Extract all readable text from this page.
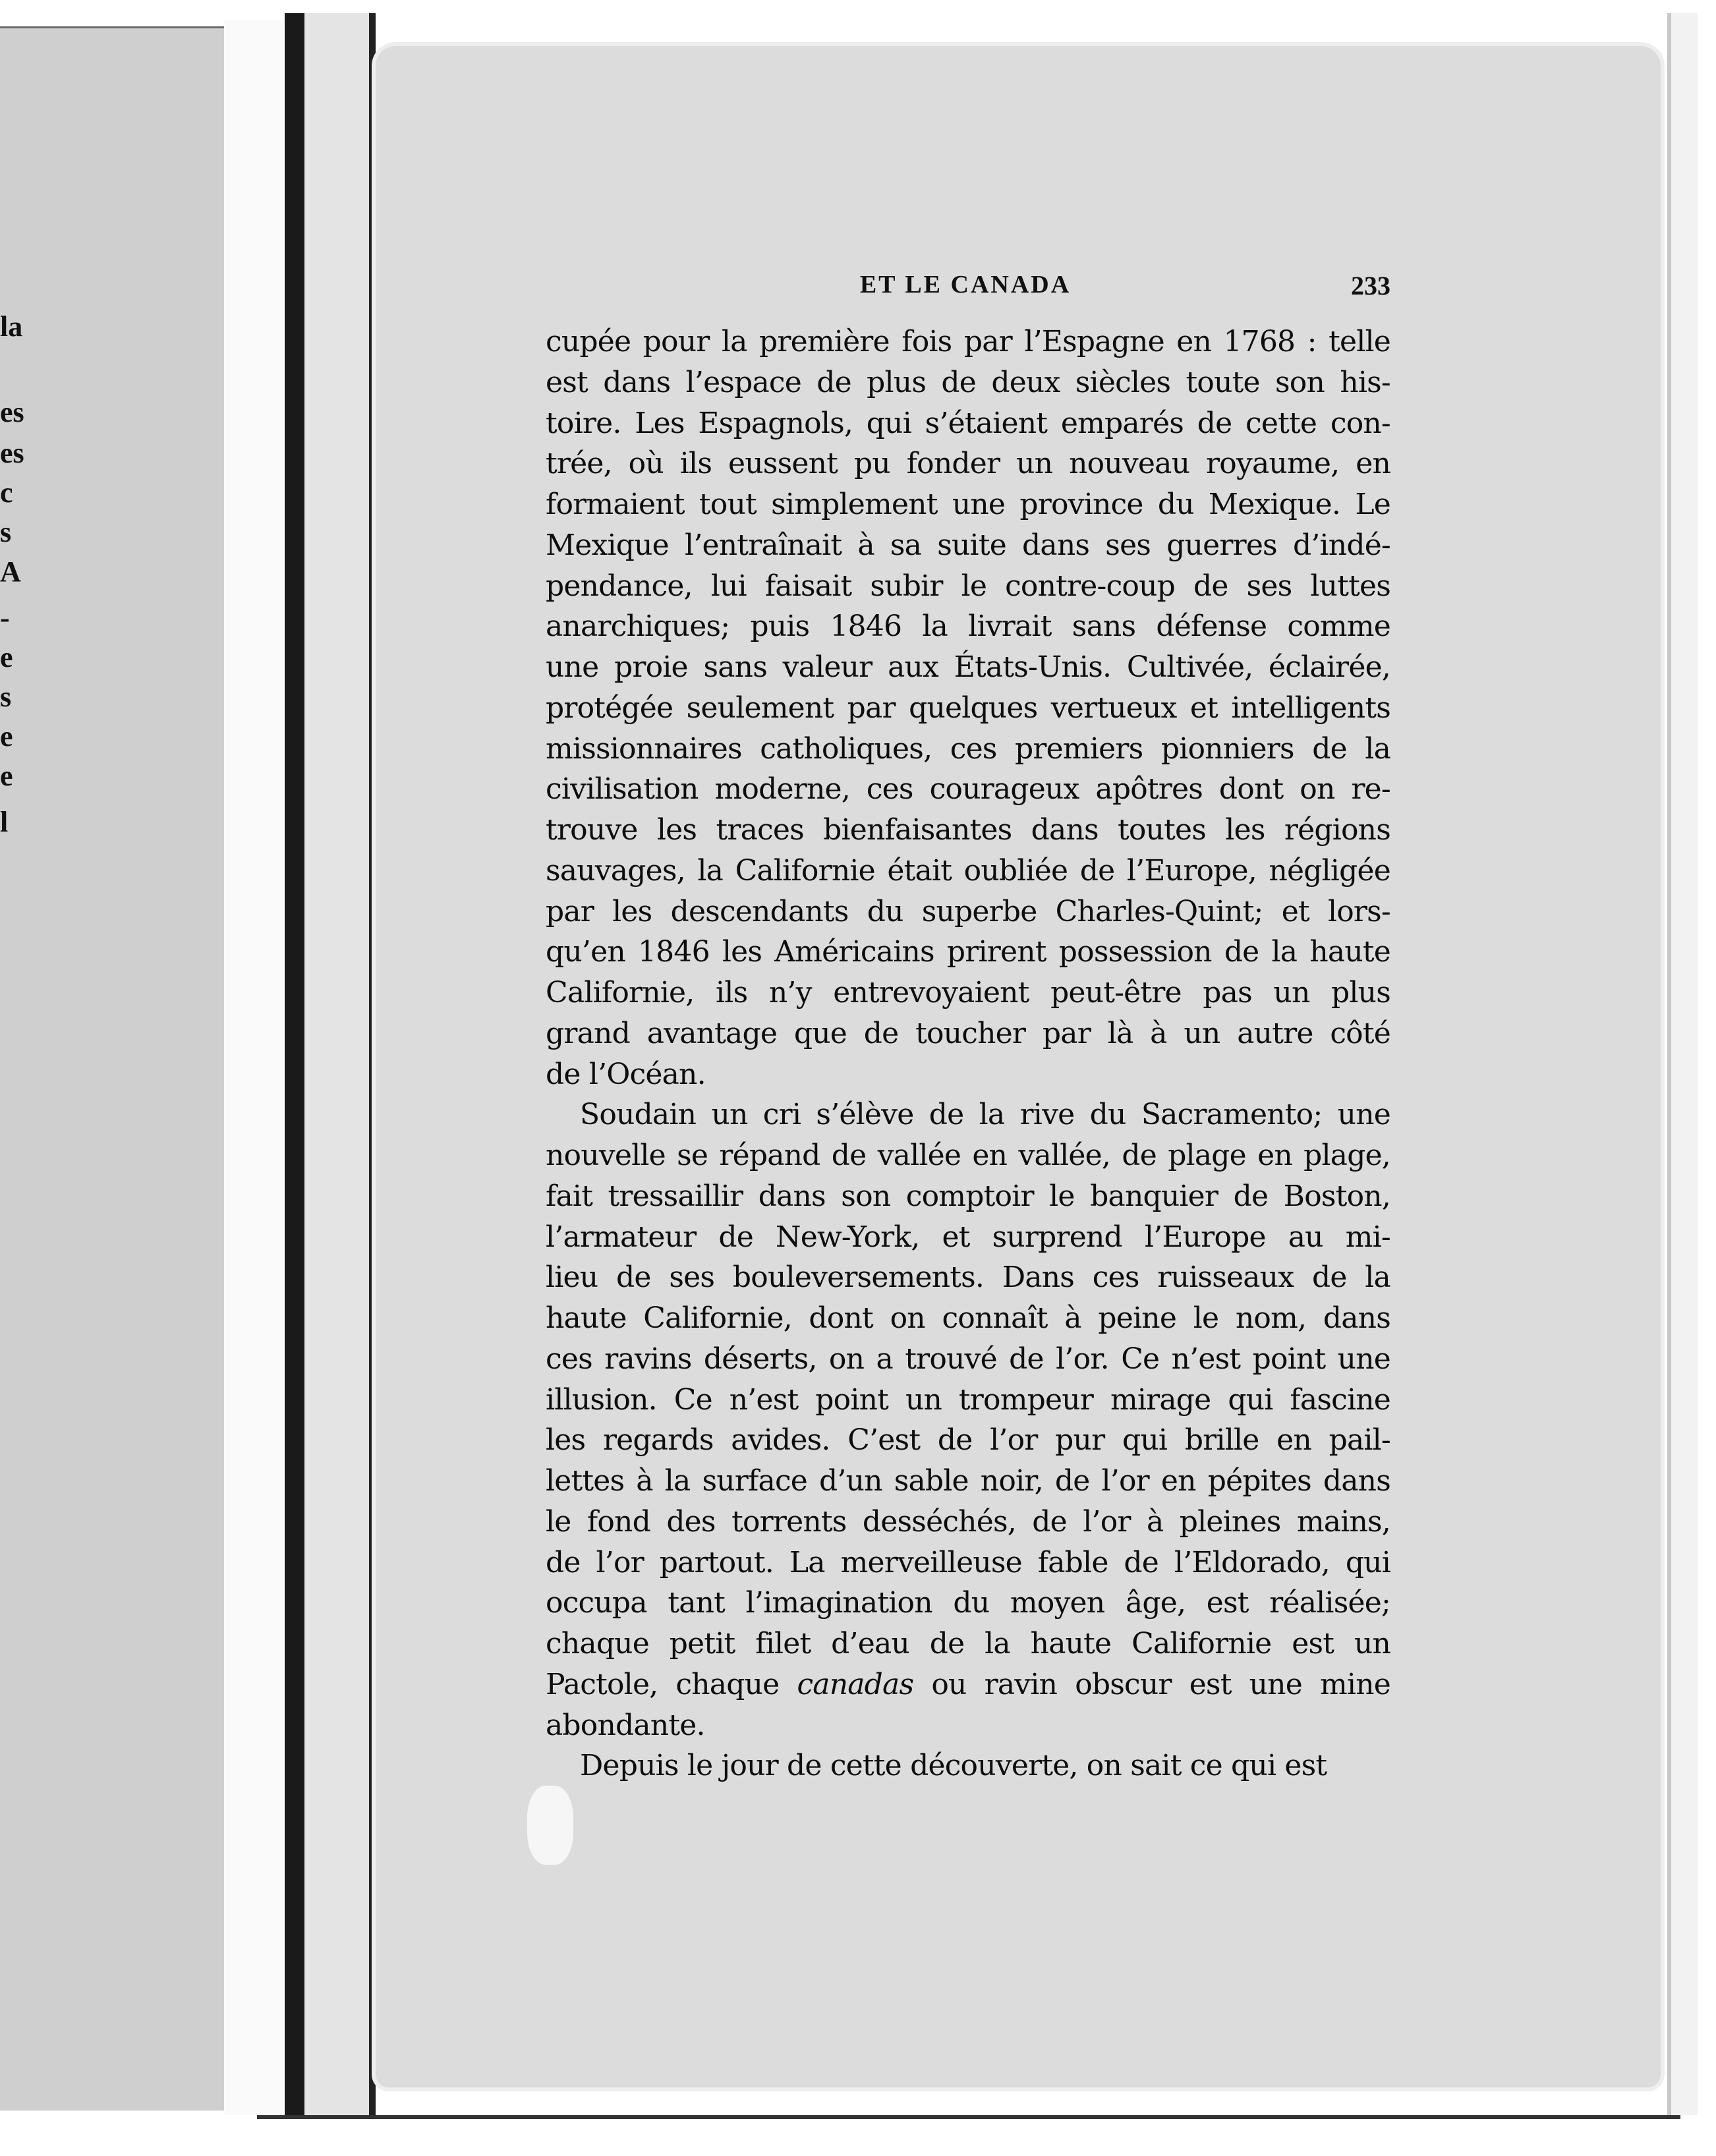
la
es
es
c
s
A
-
e
s
e
e
l
ET LE CANADA	233
cupée pour la première fois par l’Espagne en 1768 : telle
est dans l’espace de plus de deux siècles toute son his-
toire. Les Espagnols, qui s’étaient emparés de cette con-
trée, où ils eussent pu fonder un nouveau royaume, en
formaient tout simplement une province du Mexique. Le
Mexique l’entraînait à sa suite dans ses guerres d’indé-
pendance, lui faisait subir le contre-coup de ses luttes
anarchiques; puis 1846 la livrait sans défense comme
une proie sans valeur aux États-Unis. Cultivée, éclairée,
protégée seulement par quelques vertueux et intelligents
missionnaires catholiques, ces premiers pionniers de la
civilisation moderne, ces courageux apôtres dont on re-
trouve les traces bienfaisantes dans toutes les régions
sauvages, la Californie était oubliée de l’Europe, négligée
par les descendants du superbe Charles-Quint; et lors-
qu’en 1846 les Américains prirent possession de la haute
Californie, ils n’y entrevoyaient peut-être pas un plus
grand avantage que de toucher par là à un autre côté
de l’Océan.
Soudain un cri s’élève de la rive du Sacramento; une
nouvelle se répand de vallée en vallée, de plage en plage,
fait tressaillir dans son comptoir le banquier de Boston,
l’armateur de New-York, et surprend l’Europe au mi-
lieu de ses bouleversements. Dans ces ruisseaux de la
haute Californie, dont on connaît à peine le nom, dans
ces ravins déserts, on a trouvé de l’or. Ce n’est point une
illusion. Ce n’est point un trompeur mirage qui fascine
les regards avides. C’est de l’or pur qui brille en pail-
lettes à la surface d’un sable noir, de l’or en pépites dans
le fond des torrents desséchés, de l’or à pleines mains,
de l’or partout. La merveilleuse fable de l’Eldorado, qui
occupa tant l’imagination du moyen âge, est réalisée;
chaque petit filet d’eau de la haute Californie est un
Pactole, chaque canadas ou ravin obscur est une mine
abondante.
Depuis le jour de cette découverte, on sait ce qui est
